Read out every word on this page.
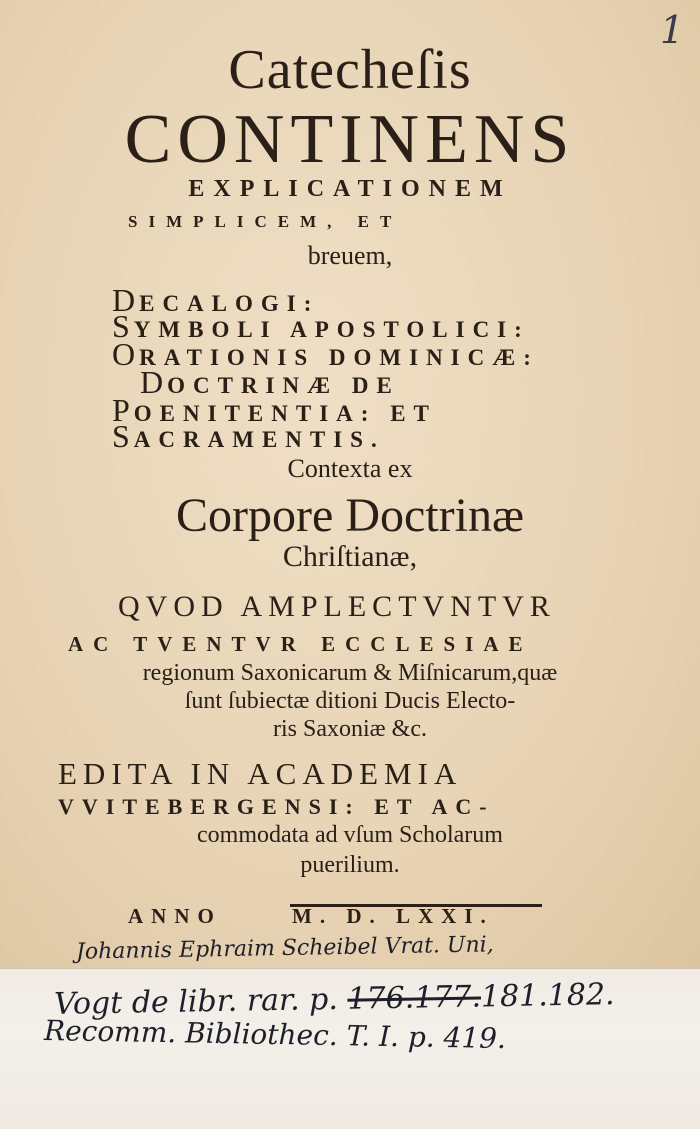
1
Catecheſis
CONTINENS
EXPLICATIONEM
SIMPLICEM, ET
breuem,
DECALOGI:
SYMBOLI APOSTOLICI:
ORATIONIS DOMINICÆ:
DOCTRINÆ DE
POENITENTIA: ET
SACRAMENTIS.
Contexta ex
Corpore Doctrinæ
Chriſtianæ,
QVOD AMPLECTVNTVR
AC TVENTVR ECCLESIAE
regionum Saxonicarum & Miſnicarum,quæ
ſunt ſubiectæ ditioni Ducis Electo-
ris Saxoniæ &c.
EDITA IN ACADEMIA
VVITEBERGENSI: ET AC-
commodata ad vſum Scholarum
puerilium.
ANNO	M. D. LXXI.
Johannis Ephraim Scheibel Vrat. Uni,
Vogt de libr. rar. p. 176.177.181.182.
Recomm. Bibliothec. T. I. p. 419.
